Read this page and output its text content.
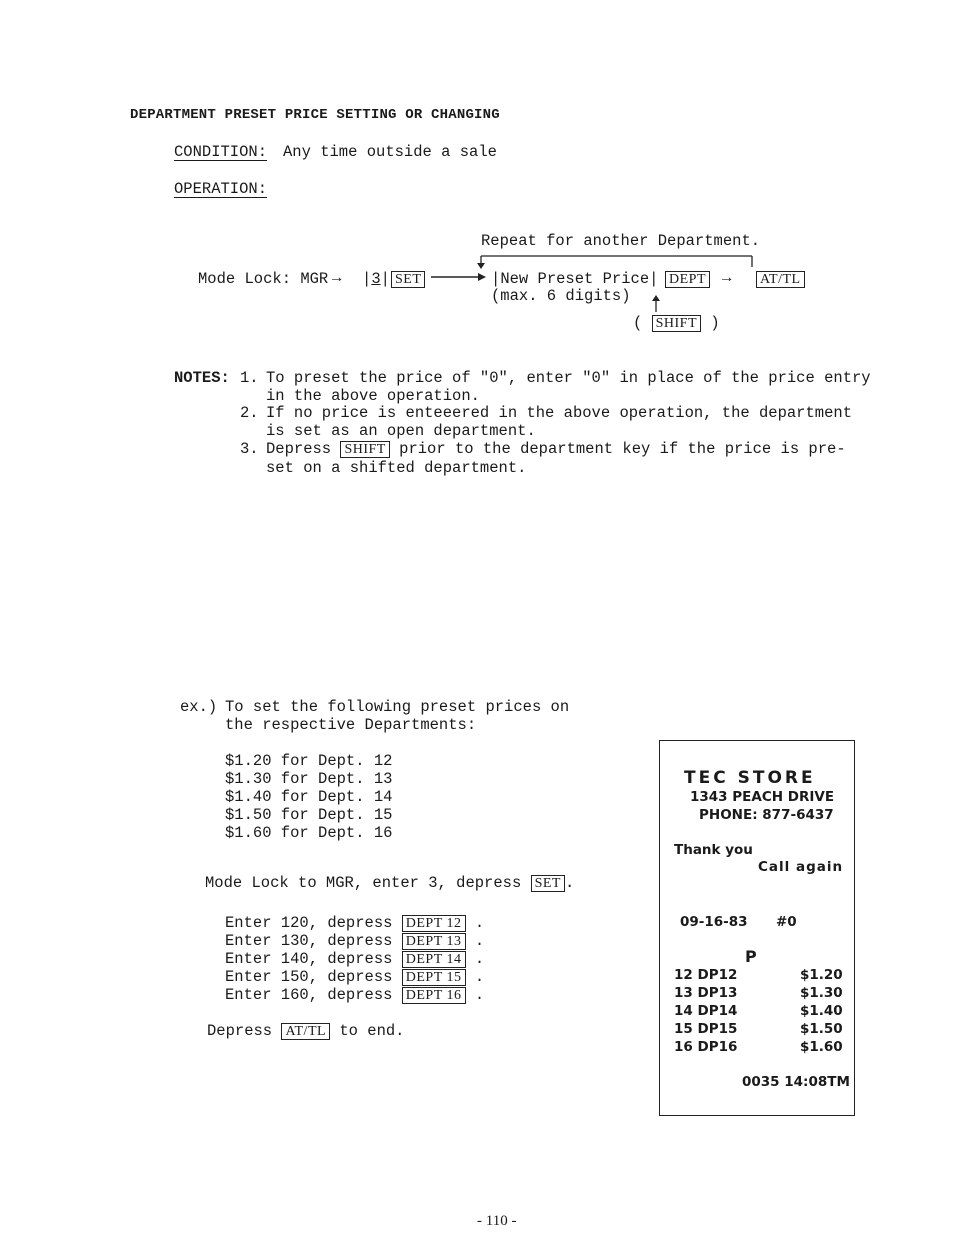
DEPARTMENT PRESET PRICE SETTING OR CHANGING
CONDITION: Any time outside a sale
OPERATION:
Repeat for another Department.
Mode Lock: MGR → |3| SET	|New Preset Price|
(max. 6 digits)
DEPT → AT/TL
( SHIFT )
NOTES: 1. To preset the price of "0", enter "0" in place of the price entry
in the above operation.
2. If no price is enteeered in the above operation, the department
is set as an open department.
3. Depress SHIFT prior to the department key if the price is pre-
set on a shifted department.
ex.) To set the following preset prices on
the respective Departments:
$1.20 for Dept. 12
$1.30 for Dept. 13
$1.40 for Dept. 14
$1.50 for Dept. 15
$1.60 for Dept. 16
Mode Lock to MGR, enter 3, depress SET .
Enter 120, depress DEPT 12 .
Enter 130, depress DEPT 13 .
Enter 140, depress DEPT 14 .
Enter 150, depress DEPT 15 .
Enter 160, depress DEPT 16 .
Depress AT/TL to end.
TEC STORE
1343 PEACH DRIVE
PHONE: 877-6437
Thank you
Call again
09-16-83 #0
P
12 DP12	$1.20
13 DP13	$1.30
14 DP14	$1.40
15 DP15	$1.50
16 DP16	$1.60
0035 14:08TM
- 110 -
